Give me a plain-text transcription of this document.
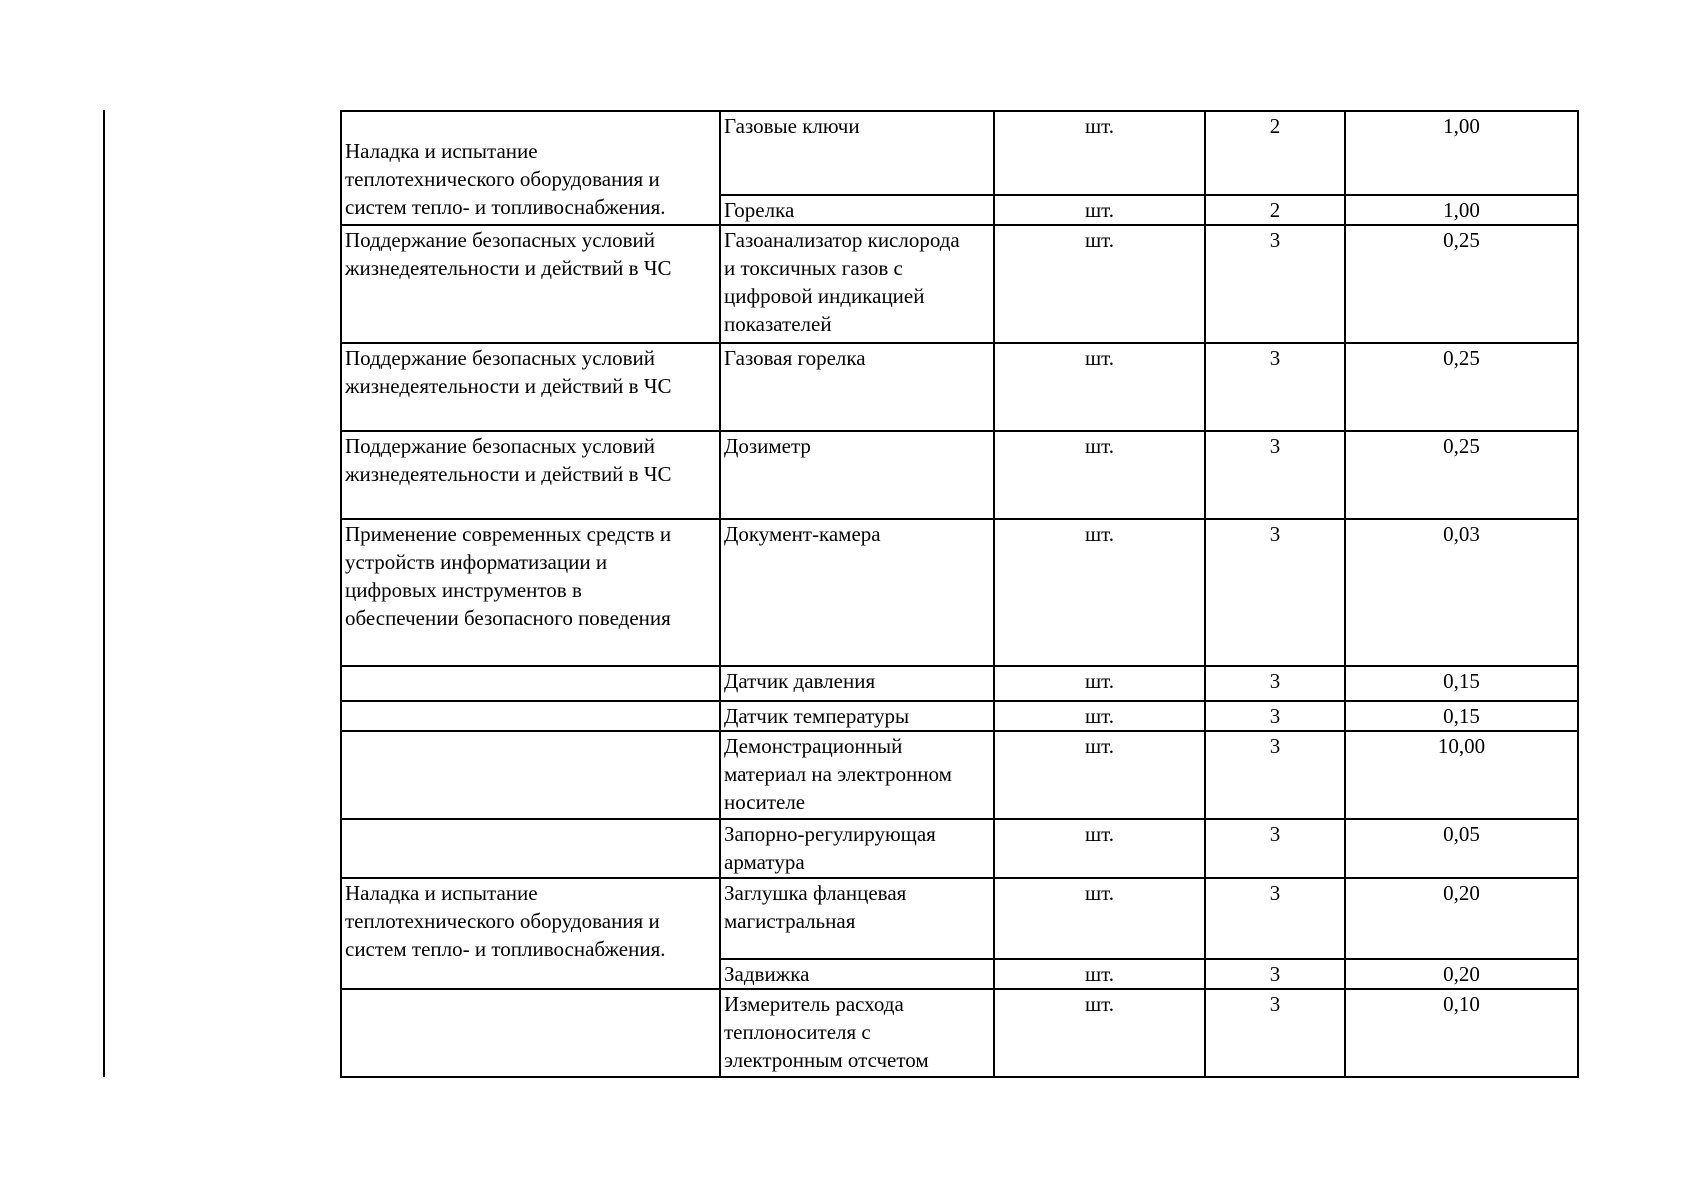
Наладка и испытание
теплотехнического оборудования и
систем тепло- и топливоснабжения.	Газовые ключи	шт.	2	1,00
	Горелка	шт.	2	1,00
Поддержание безопасных условий
жизнедеятельности и действий в ЧС	Газоанализатор кислорода
и токсичных газов с
цифровой индикацией
показателей	шт.	3	0,25
Поддержание безопасных условий
жизнедеятельности и действий в ЧС	Газовая горелка	шт.	3	0,25
Поддержание безопасных условий
жизнедеятельности и действий в ЧС	Дозиметр	шт.	3	0,25
Применение современных средств и
устройств информатизации и
цифровых инструментов в
обеспечении безопасного поведения	Документ-камера	шт.	3	0,03
	Датчик давления	шт.	3	0,15
	Датчик температуры	шт.	3	0,15
	Демонстрационный
материал на электронном
носителе	шт.	3	10,00
	Запорно-регулирующая
арматура	шт.	3	0,05
Наладка и испытание
теплотехнического оборудования и
систем тепло- и топливоснабжения.	Заглушка фланцевая
магистральная	шт.	3	0,20
	Задвижка	шт.	3	0,20
	Измеритель расхода
теплоносителя с
электронным отсчетом	шт.	3	0,10
